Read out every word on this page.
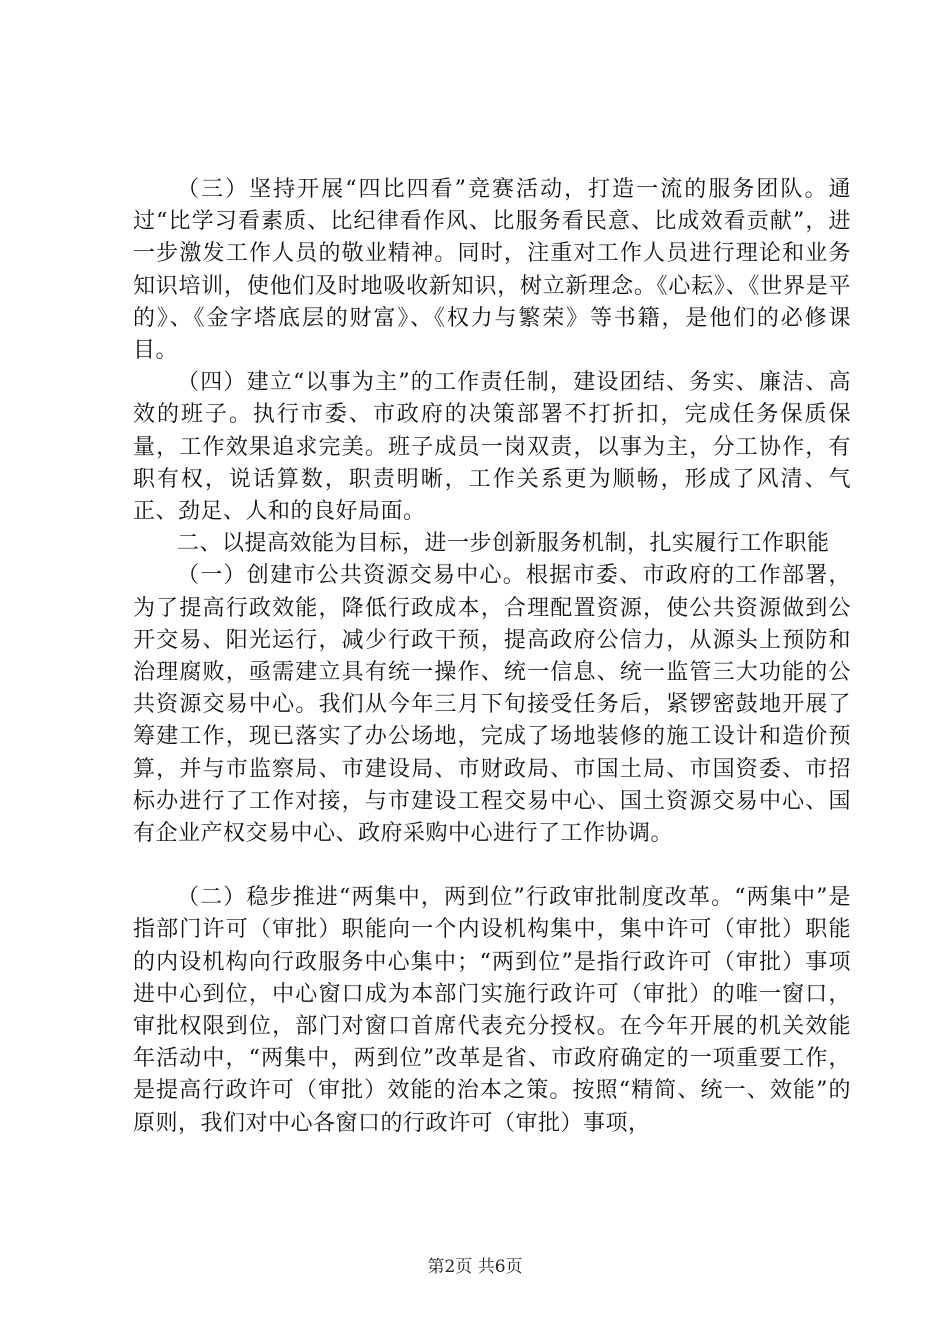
（三）坚持开展“四比四看”竞赛活动，打造一流的服务团队。通过“比学习看素质、比纪律看作风、比服务看民意、比成效看贡献”，进一步激发工作人员的敬业精神。同时，注重对工作人员进行理论和业务知识培训，使他们及时地吸收新知识，树立新理念。《心耘》、《世界是平的》、《金字塔底层的财富》、《权力与繁荣》等书籍，是他们的必修课目。

（四）建立“以事为主”的工作责任制，建设团结、务实、廉洁、高效的班子。执行市委、市政府的决策部署不打折扣，完成任务保质保量，工作效果追求完美。班子成员一岗双责，以事为主，分工协作，有职有权，说话算数，职责明晰，工作关系更为顺畅，形成了风清、气正、劲足、人和的良好局面。

二、以提高效能为目标，进一步创新服务机制，扎实履行工作职能

（一）创建市公共资源交易中心。根据市委、市政府的工作部署，为了提高行政效能，降低行政成本，合理配置资源，使公共资源做到公开交易、阳光运行，减少行政干预，提高政府公信力，从源头上预防和治理腐败，亟需建立具有统一操作、统一信息、统一监管三大功能的公共资源交易中心。我们从今年三月下旬接受任务后，紧锣密鼓地开展了筹建工作，现已落实了办公场地，完成了场地装修的施工设计和造价预算，并与市监察局、市建设局、市财政局、市国土局、市国资委、市招标办进行了工作对接，与市建设工程交易中心、国土资源交易中心、国有企业产权交易中心、政府采购中心进行了工作协调。

（二）稳步推进“两集中，两到位”行政审批制度改革。“两集中”是指部门许可（审批）职能向一个内设机构集中，集中许可（审批）职能的内设机构向行政服务中心集中；“两到位”是指行政许可（审批）事项进中心到位，中心窗口成为本部门实施行政许可（审批）的唯一窗口，审批权限到位，部门对窗口首席代表充分授权。在今年开展的机关效能年活动中，“两集中，两到位”改革是省、市政府确定的一项重要工作，是提高行政许可（审批）效能的治本之策。按照“精简、统一、效能”的原则，我们对中心各窗口的行政许可（审批）事项，

第2页 共6页
